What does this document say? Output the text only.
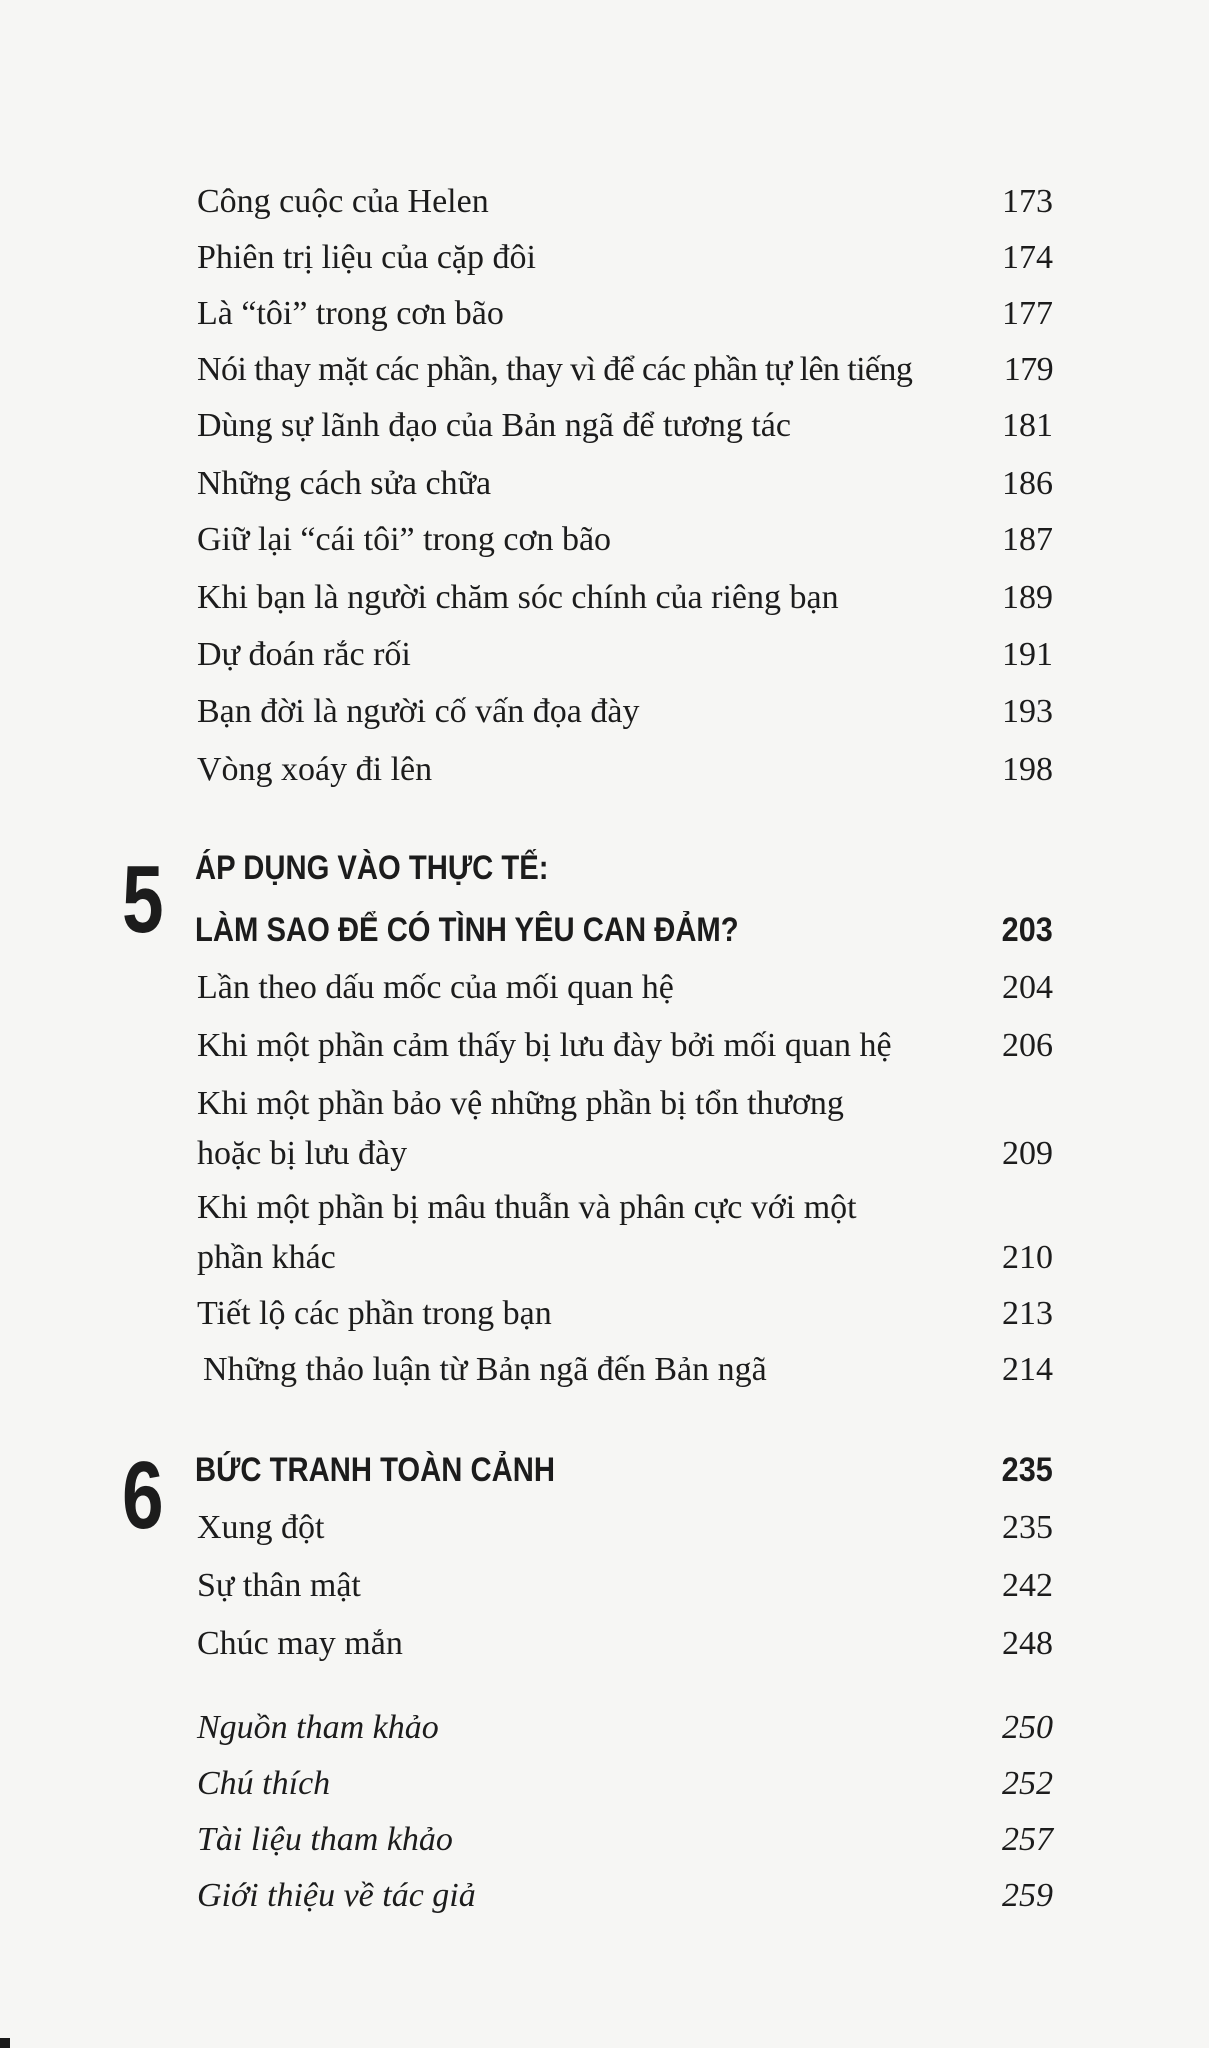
Công cuộc của Helen	173
Phiên trị liệu của cặp đôi	174
Là “tôi” trong cơn bão	177
Nói thay mặt các phần, thay vì để các phần tự lên tiếng	179
Dùng sự lãnh đạo của Bản ngã để tương tác	181
Những cách sửa chữa	186
Giữ lại “cái tôi” trong cơn bão	187
Khi bạn là người chăm sóc chính của riêng bạn	189
Dự đoán rắc rối	191
Bạn đời là người cố vấn đọa đày	193
Vòng xoáy đi lên	198
5 ÁP DỤNG VÀO THỰC TẾ:
LÀM SAO ĐỂ CÓ TÌNH YÊU CAN ĐẢM?	203
Lần theo dấu mốc của mối quan hệ	204
Khi một phần cảm thấy bị lưu đày bởi mối quan hệ	206
Khi một phần bảo vệ những phần bị tổn thương
hoặc bị lưu đày	209
Khi một phần bị mâu thuẫn và phân cực với một
phần khác	210
Tiết lộ các phần trong bạn	213
Những thảo luận từ Bản ngã đến Bản ngã	214
6 BỨC TRANH TOÀN CẢNH	235
Xung đột	235
Sự thân mật	242
Chúc may mắn	248
Nguồn tham khảo	250
Chú thích	252
Tài liệu tham khảo	257
Giới thiệu về tác giả	259
